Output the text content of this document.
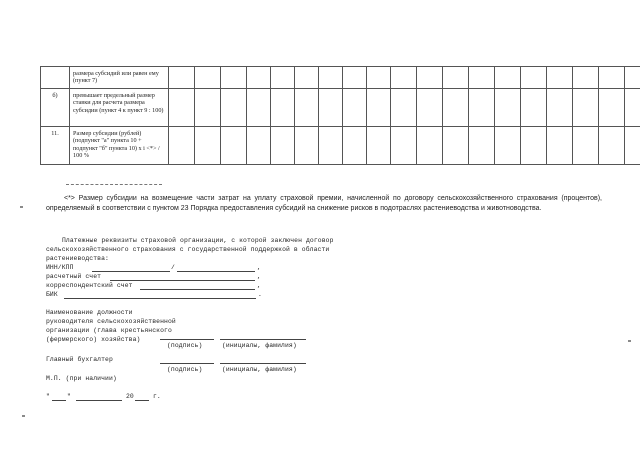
	размера субсидий или равен ему (пункт 7)																				
б)	превышает предельный размер ставки для расчета размера субсидии (пункт 4 к пункт 9 : 100)																				
11.	Размер субсидии (рублей) (подпункт "а" пункта 10 + подпункт "б" пункта 10) х i <*> / 100 %																				
<*> Размер субсидии на возмещение части затрат на уплату страховой премии, начисленной по договору сельскохозяйственного страхования (процентов), определяемый в соответствии с пунктом 23 Порядка предоставления субсидий на снижение рисков в подотраслях растениеводства и животноводства.
Платежные реквизиты страховой организации, с которой заключен договор
сельскохозяйственного страхования с государственной поддержкой в области
растениеводства:
ИНН/КПП	/	,
расчетный счет	,
корреспондентский счет	,
БИК	.
Наименование должности
руководителя сельскохозяйственной
организации (глава крестьянского
(фермерского) хозяйства)
(подпись)	(инициалы, фамилия)
Главный бухгалтер
(подпись)	(инициалы, фамилия)
М.П. (при наличии)
"	"	20	г.
